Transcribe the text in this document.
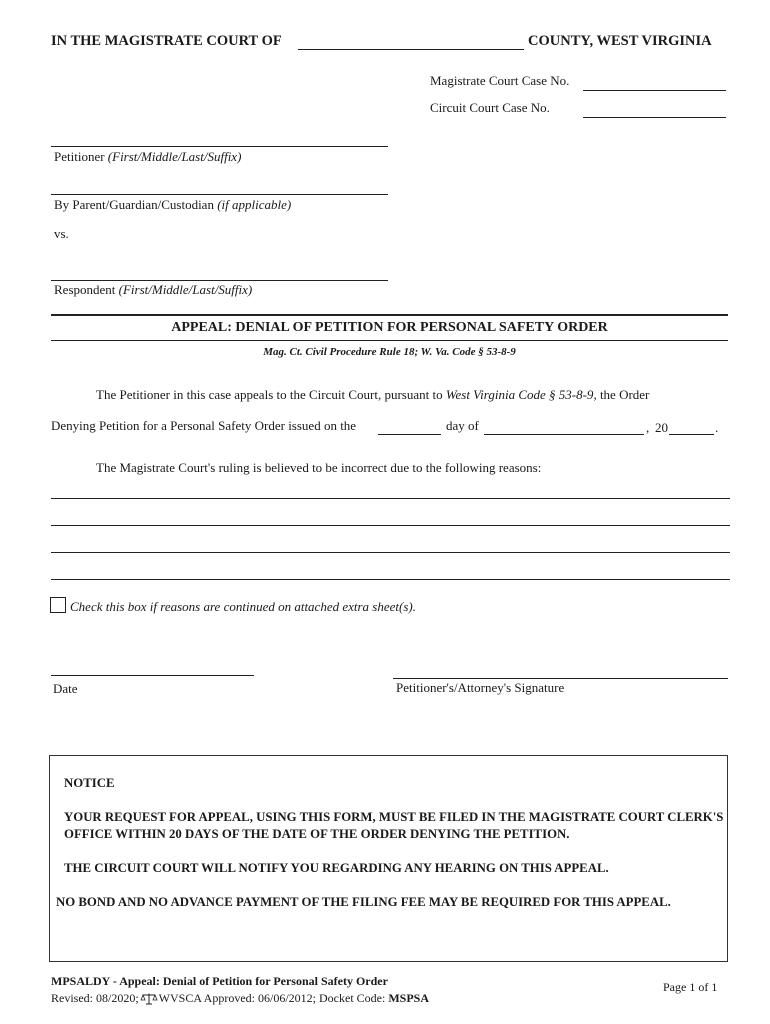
IN THE MAGISTRATE COURT OF	COUNTY, WEST VIRGINIA
Magistrate Court Case No.
Circuit Court Case No.
Petitioner (First/Middle/Last/Suffix)
By Parent/Guardian/Custodian (if applicable)
vs.
Respondent (First/Middle/Last/Suffix)
APPEAL: DENIAL OF PETITION FOR PERSONAL SAFETY ORDER
Mag. Ct. Civil Procedure Rule 18; W. Va. Code § 53-8-9
The Petitioner in this case appeals to the Circuit Court, pursuant to West Virginia Code § 53-8-9, the Order
Denying Petition for a Personal Safety Order issued on the	day of	, 20	.
The Magistrate Court's ruling is believed to be incorrect due to the following reasons:
Check this box if reasons are continued on attached extra sheet(s).
Date	Petitioner's/Attorney's Signature
NOTICE
YOUR REQUEST FOR APPEAL, USING THIS FORM, MUST BE FILED IN THE MAGISTRATE COURT CLERK'S OFFICE WITHIN 20 DAYS OF THE DATE OF THE ORDER DENYING THE PETITION.
THE CIRCUIT COURT WILL NOTIFY YOU REGARDING ANY HEARING ON THIS APPEAL.
NO BOND AND NO ADVANCE PAYMENT OF THE FILING FEE MAY BE REQUIRED FOR THIS APPEAL.
MPSALDY - Appeal: Denial of Petition for Personal Safety Order
Revised: 08/2020; WVSCA Approved: 06/06/2012; Docket Code:
MSPSA
Page 1 of 1
